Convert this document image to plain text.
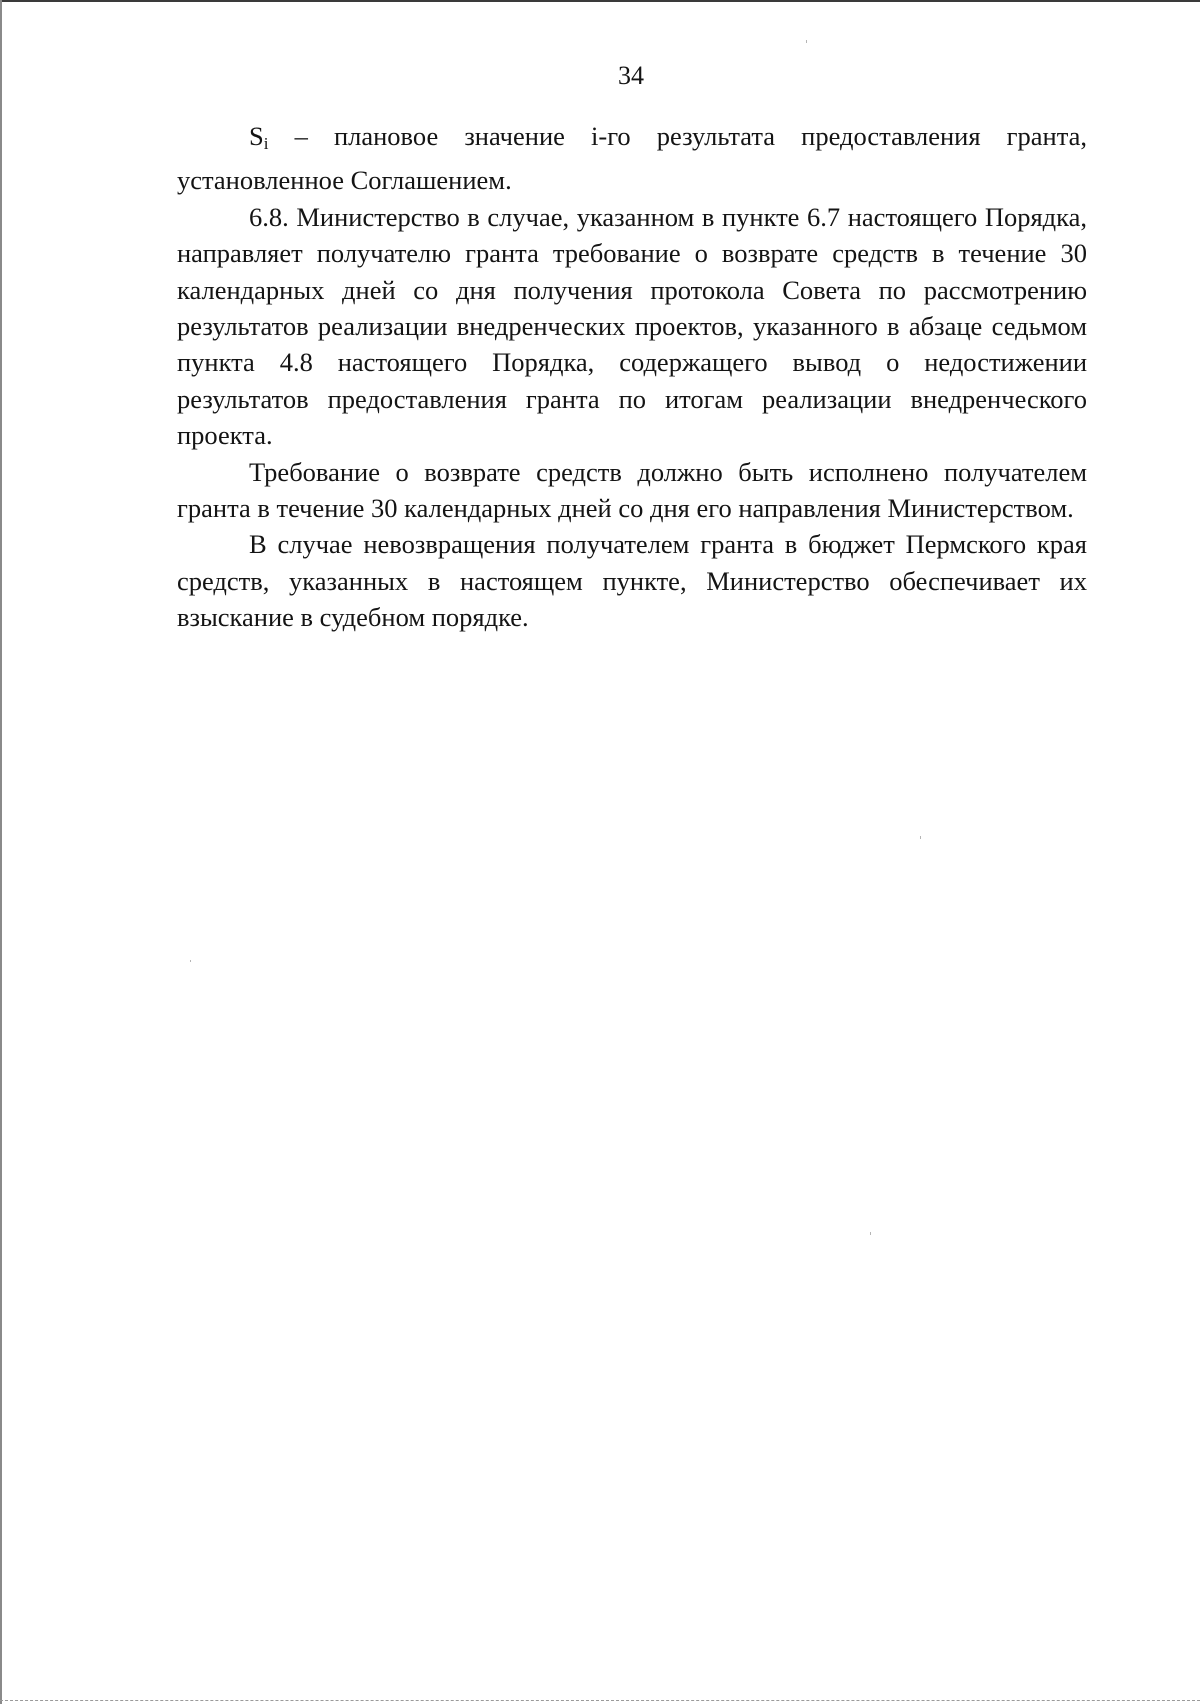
34

$S_i$ – плановое значение i-го результата предоставления гранта, установленное Соглашением.

6.8. Министерство в случае, указанном в пункте 6.7 настоящего Порядка, направляет получателю гранта требование о возврате средств в течение 30 календарных дней со дня получения протокола Совета по рассмотрению результатов реализации внедренческих проектов, указанного в абзаце седьмом пункта 4.8 настоящего Порядка, содержащего вывод о недостижении результатов предоставления гранта по итогам реализации внедренческого проекта.

Требование о возврате средств должно быть исполнено получателем гранта в течение 30 календарных дней со дня его направления Министерством.

В случае невозвращения получателем гранта в бюджет Пермского края средств, указанных в настоящем пункте, Министерство обеспечивает их взыскание в судебном порядке.
